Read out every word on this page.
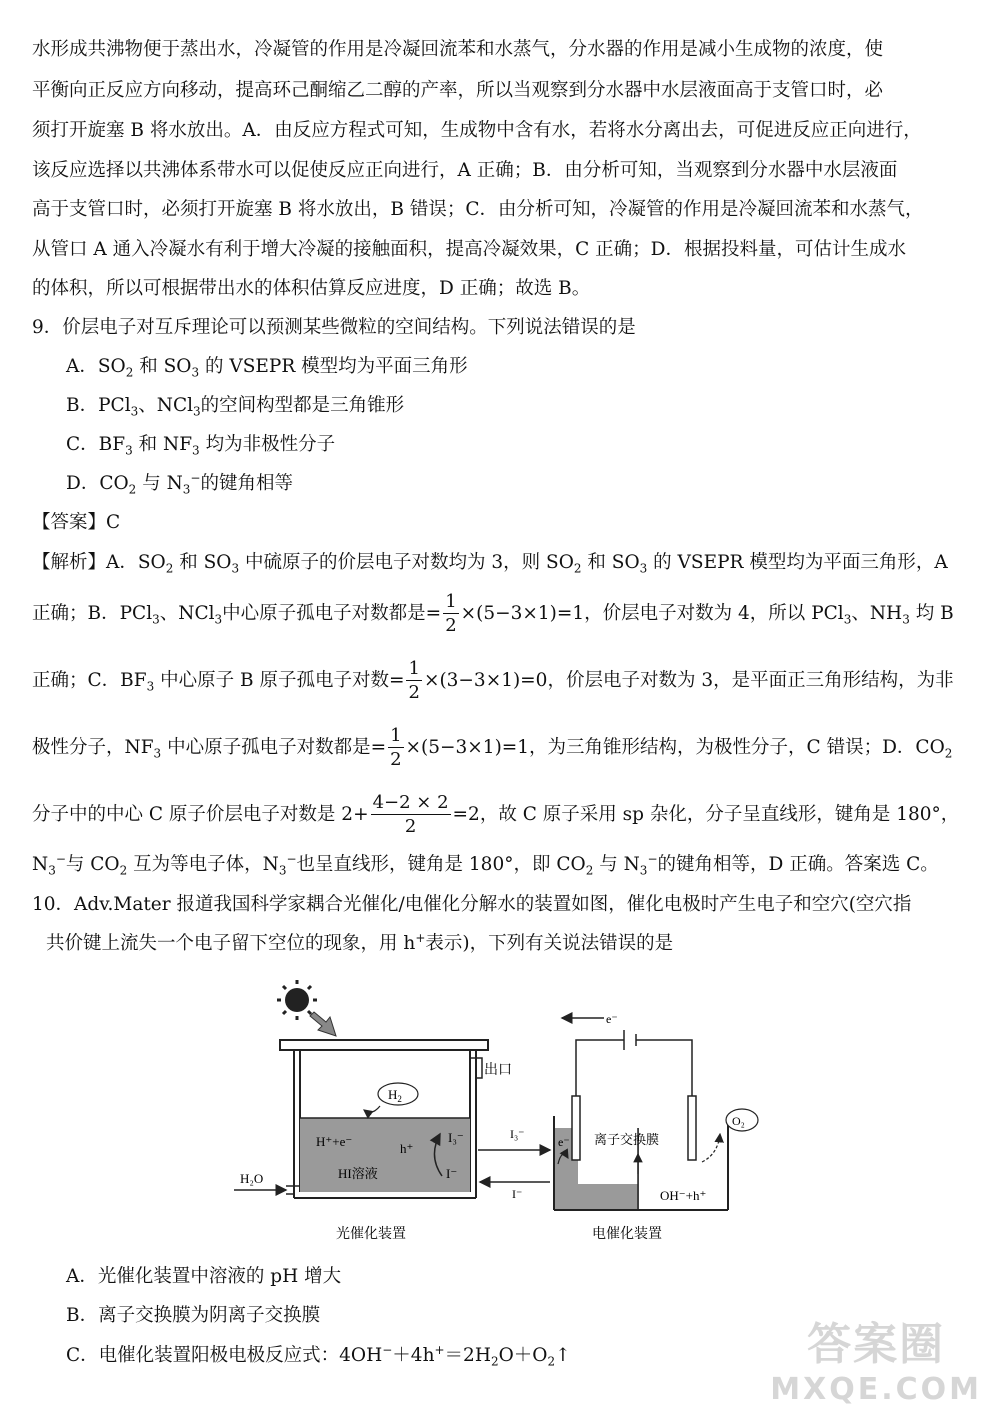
水形成共沸物便于蒸出水，冷凝管的作用是冷凝回流苯和水蒸气，分水器的作用是减小生成物的浓度，使
平衡向正反应方向移动，提高环己酮缩乙二醇的产率，所以当观察到分水器中水层液面高于支管口时，必
须打开旋塞 B 将水放出。A．由反应方程式可知，生成物中含有水，若将水分离出去，可促进反应正向进行，
该反应选择以共沸体系带水可以促使反应正向进行，A 正确；B．由分析可知，当观察到分水器中水层液面
高于支管口时，必须打开旋塞 B 将水放出，B 错误；C．由分析可知，冷凝管的作用是冷凝回流苯和水蒸气，
从管口 A 通入冷凝水有利于增大冷凝的接触面积，提高冷凝效果，C 正确；D．根据投料量，可估计生成水
的体积，所以可根据带出水的体积估算反应进度，D 正确；故选 B。
9．价层电子对互斥理论可以预测某些微粒的空间结构。下列说法错误的是
A．$SO_2$ 和 $SO_3$ 的 VSEPR 模型均为平面三角形
B．PCl$_3$、NCl$_3$的空间构型都是三角锥形
C．$BF_3$ 和 $NF_3$ 均为非极性分子
D．$CO_2$ 与 $N_3^-$的键角相等
【答案】C
【解析】A．$SO_2$ 和 $SO_3$ 中硫原子的价层电子对数均为 3，则 $SO_2$ 和 $SO_3$ 的 VSEPR 模型均为平面三角形，A
正确；B．PCl$_3$、NCl$_3$中心原子孤电子对数都是= $\frac{1}{2} \times(5-3\times 1)=1$，价层电子对数为 4，所以 PCl$_3$、$NH_3$ 均 B
正确；C．$BF_3$ 中心原子 B 原子孤电子对数= $\frac{1}{2} \times(3-3\times 1)=0$，价层电子对数为 3，是平面正三角形结构，为非
极性分子，$NF_3$ 中心原子孤电子对数都是= $\frac{1}{2} \times(5-3\times 1)=1$，为三角锥形结构，为极性分子，C 错误；D．$CO_2$
分子中的中心 C 原子价层电子对数是 $2+ \frac{4-2 \times 2}{2} =2$，故 C 原子采用 sp 杂化，分子呈直线形，键角是 180°，
$N_3^-$与 $CO_2$ 互为等电子体，$N_3^-$也呈直线形，键角是 180°，即 $CO_2$ 与 $N_3^-$的键角相等，D 正确。答案选 C。
10．Adv.Mater 报道我国科学家耦合光催化/电催化分解水的装置如图，催化电极时产生电子和空穴(空穴指
共价键上流失一个电子留下空位的现象，用 h+表示)，下列有关说法错误的是
出口
$H_2$
H⁺+e⁻	h⁺
I₃⁻
I⁻
H₂O	HI溶液
I₃⁻
I⁻
e⁻
e⁻ 离子交换膜
O₂
OH⁻+h⁺
光催化装置	电催化装置
A．光催化装置中溶液的 pH 增大
B．离子交换膜为阴离子交换膜
C．电催化装置阳极电极反应式：$4OH^-+4h^+=2H_2O+O_2↑$	答案圈
MXQE.COM
